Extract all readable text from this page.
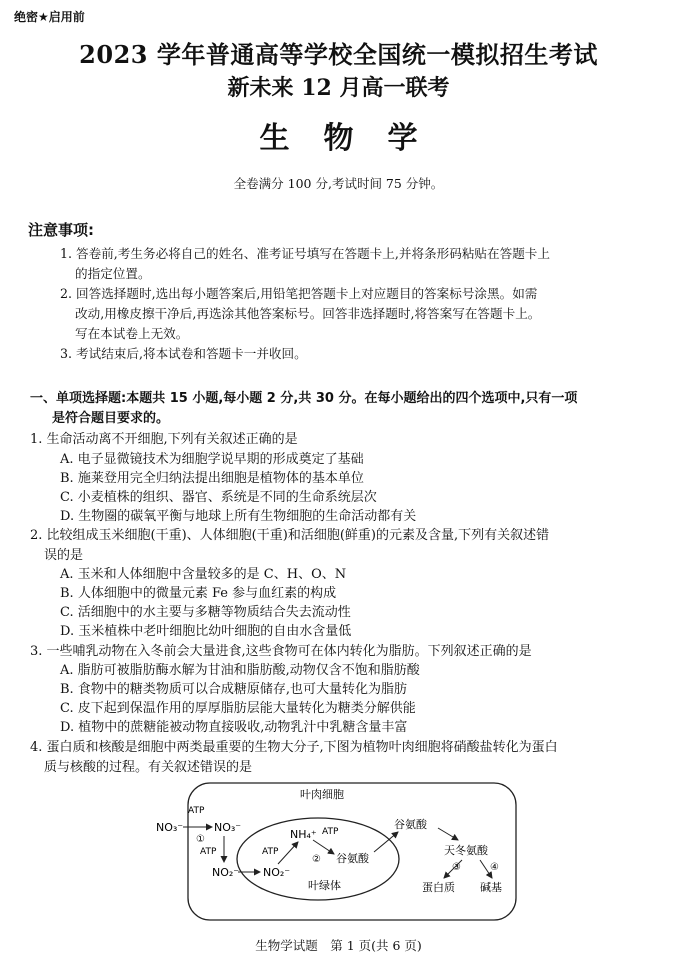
绝密★启用前
2023 学年普通高等学校全国统一模拟招生考试
新未来 12 月高一联考
生物学
全卷满分 100 分,考试时间 75 分钟。
注意事项:
1. 答卷前,考生务必将自己的姓名、准考证号填写在答题卡上,并将条形码粘贴在答题卡上
的指定位置。
2. 回答选择题时,选出每小题答案后,用铅笔把答题卡上对应题目的答案标号涂黑。如需
改动,用橡皮擦干净后,再选涂其他答案标号。回答非选择题时,将答案写在答题卡上。
写在本试卷上无效。
3. 考试结束后,将本试卷和答题卡一并收回。
一、单项选择题:本题共 15 小题,每小题 2 分,共 30 分。在每小题给出的四个选项中,只有一项
是符合题目要求的。
1. 生命活动离不开细胞,下列有关叙述正确的是
A. 电子显微镜技术为细胞学说早期的形成奠定了基础
B. 施莱登用完全归纳法提出细胞是植物体的基本单位
C. 小麦植株的组织、器官、系统是不同的生命系统层次
D. 生物圈的碳氧平衡与地球上所有生物细胞的生命活动都有关
2. 比较组成玉米细胞(干重)、人体细胞(干重)和活细胞(鲜重)的元素及含量,下列有关叙述错
误的是
A. 玉米和人体细胞中含量较多的是 C、H、O、N
B. 人体细胞中的微量元素 Fe 参与血红素的构成
C. 活细胞中的水主要与多糖等物质结合失去流动性
D. 玉米植株中老叶细胞比幼叶细胞的自由水含量低
3. 一些哺乳动物在入冬前会大量进食,这些食物可在体内转化为脂肪。下列叙述正确的是
A. 脂肪可被脂肪酶水解为甘油和脂肪酸,动物仅含不饱和脂肪酸
B. 食物中的糖类物质可以合成糖原储存,也可大量转化为脂肪
C. 皮下起到保温作用的厚厚脂肪层能大量转化为糖类分解供能
D. 植物中的蔗糖能被动物直接吸收,动物乳汁中乳糖含量丰富
4. 蛋白质和核酸是细胞中两类最重要的生物大分子,下图为植物叶肉细胞将硝酸盐转化为蛋白
质与核酸的过程。有关叙述错误的是
叶肉细胞
叶绿体
NO₃⁻	NO₃⁻
ATP
①
ATP
NO₂⁻ NO₂⁻
ATP
NH₄⁺ ATP
② 谷氨酸
谷氨酸
天冬氨酸
③	④
蛋白质 碱基
生物学试题　第 1 页(共 6 页)
